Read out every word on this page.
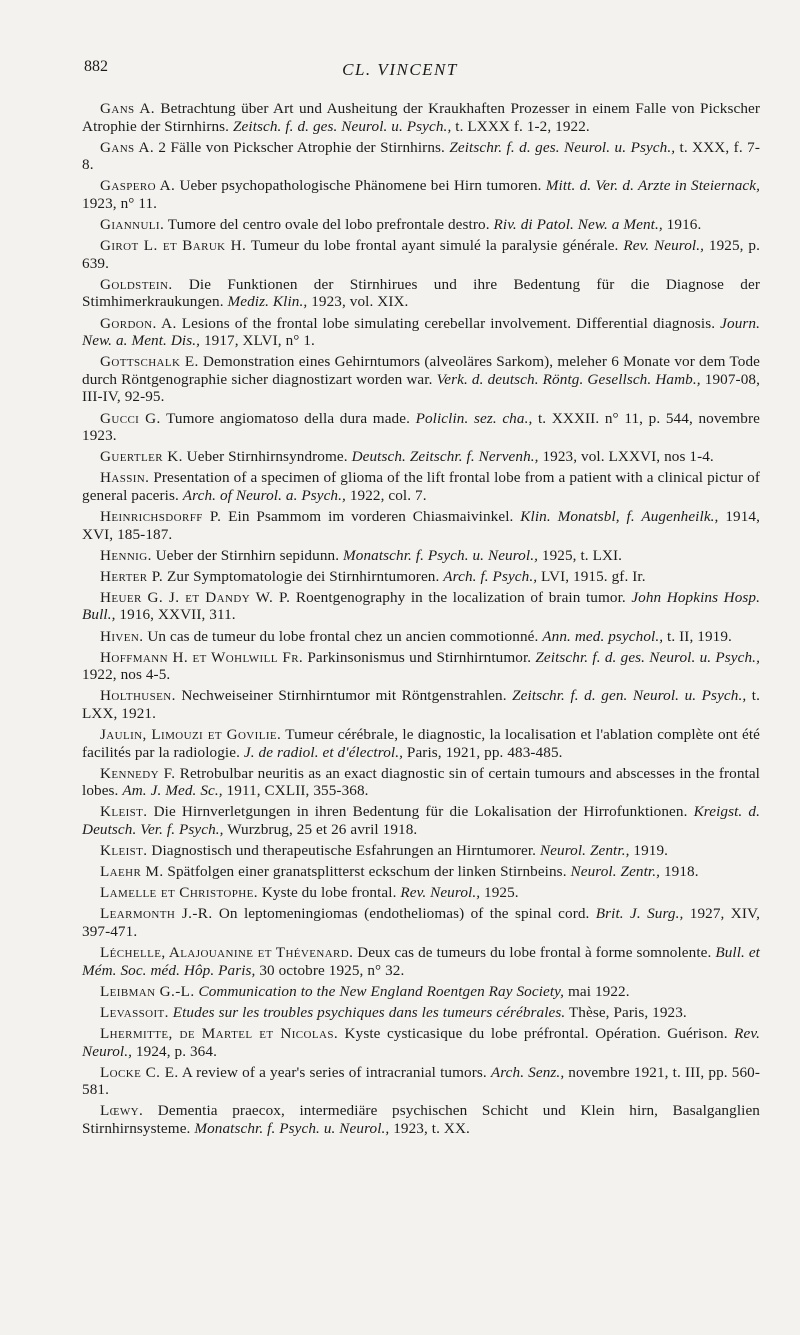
882	CL. VINCENT

Gans A. Betrachtung über Art und Ausheitung der Kraukhaften Prozesser in einem Falle von Pickscher Atrophie der Stirnhirns. Zeitsch. f. d. ges. Neurol. u. Psych., t. LXXX f. 1-2, 1922.

Gans A. 2 Fälle von Pickscher Atrophie der Stirnhirns. Zeitschr. f. d. ges. Neurol. u. Psych., t. XXX, f. 7-8.

Gaspero A. Ueber psychopathologische Phänomene bei Hirn tumoren. Mitt. d. Ver. d. Arzte in Steiernack, 1923, n° 11.

Giannuli. Tumore del centro ovale del lobo prefrontale destro. Riv. di Patol. New. a Ment., 1916.

Girot L. et Baruk H. Tumeur du lobe frontal ayant simulé la paralysie générale. Rev. Neurol., 1925, p. 639.

Goldstein. Die Funktionen der Stirnhirues und ihre Bedentung für die Diagnose der Stimhimerkraukungen. Mediz. Klin., 1923, vol. XIX.

Gordon. A. Lesions of the frontal lobe simulating cerebellar involvement. Differential diagnosis. Journ. New. a. Ment. Dis., 1917, XLVI, n° 1.

Gottschalk E. Demonstration eines Gehirntumors (alveoläres Sarkom), meleher 6 Monate vor dem Tode durch Röntgenographie sicher diagnostizart worden war. Verk. d. deutsch. Röntg. Gesellsch. Hamb., 1907-08, III-IV, 92-95.

Gucci G. Tumore angiomatoso della dura made. Policlin. sez. cha., t. XXXII. n° 11, p. 544, novembre 1923.

Guertler K. Ueber Stirnhirnsyndrome. Deutsch. Zeitschr. f. Nervenh., 1923, vol. LXXVI, nos 1-4.

Hassin. Presentation of a specimen of glioma of the lift frontal lobe from a patient with a clinical pictur of general paceris. Arch. of Neurol. a. Psych., 1922, col. 7.

Heinrichsdorff P. Ein Psammom im vorderen Chiasmaivinkel. Klin. Monatsbl, f. Augenheilk., 1914, XVI, 185-187.

Hennig. Ueber der Stirnhirn sepidunn. Monatschr. f. Psych. u. Neurol., 1925, t. LXI.

Herter P. Zur Symptomatologie dei Stirnhirntumoren. Arch. f. Psych., LVI, 1915. gf. Ir.

Heuer G. J. et Dandy W. P. Roentgenography in the localization of brain tumor. John Hopkins Hosp. Bull., 1916, XXVII, 311.

Hiven. Un cas de tumeur du lobe frontal chez un ancien commotionné. Ann. med. psychol., t. II, 1919.

Hoffmann H. et Wohlwill Fr. Parkinsonismus und Stirnhirntumor. Zeitschr. f. d. ges. Neurol. u. Psych., 1922, nos 4-5.

Holthusen. Nechweiseiner Stirnhirntumor mit Röntgenstrahlen. Zeitschr. f. d. gen. Neurol. u. Psych., t. LXX, 1921.

Jaulin, Limouzi et Govilie. Tumeur cérébrale, le diagnostic, la localisation et l'ablation complète ont été facilités par la radiologie. J. de radiol. et d'électrol., Paris, 1921, pp. 483-485.

Kennedy F. Retrobulbar neuritis as an exact diagnostic sin of certain tumours and abscesses in the frontal lobes. Am. J. Med. Sc., 1911, CXLII, 355-368.

Kleist. Die Hirnverletgungen in ihren Bedentung für die Lokalisation der Hirrofunktionen. Kreigst. d. Deutsch. Ver. f. Psych., Wurzbrug, 25 et 26 avril 1918.

Kleist. Diagnostisch und therapeutische Esfahrungen an Hirntumorer. Neurol. Zentr., 1919.

Laehr M. Spätfolgen einer granatsplitterst eckschum der linken Stirnbeins. Neurol. Zentr., 1918.

Lamelle et Christophe. Kyste du lobe frontal. Rev. Neurol., 1925.

Learmonth J.-R. On leptomeningiomas (endotheliomas) of the spinal cord. Brit. J. Surg., 1927, XIV, 397-471.

Léchelle, Alajouanine et Thévenard. Deux cas de tumeurs du lobe frontal à forme somnolente. Bull. et Mém. Soc. méd. Hôp. Paris, 30 octobre 1925, n° 32.

Leibman G.-L. Communication to the New England Roentgen Ray Society, mai 1922.

Levassoit. Etudes sur les troubles psychiques dans les tumeurs cérébrales. Thèse, Paris, 1923.

Lhermitte, de Martel et Nicolas. Kyste cysticasique du lobe préfrontal. Opération. Guérison. Rev. Neurol., 1924, p. 364.

Locke C. E. A review of a year's series of intracranial tumors. Arch. Senz., novembre 1921, t. III, pp. 560-581.

Lœwy. Dementia praecox, intermediäre psychischen Schicht und Klein hirn, Basalganglien Stirnhirnsysteme. Monatschr. f. Psych. u. Neurol., 1923, t. XX.
